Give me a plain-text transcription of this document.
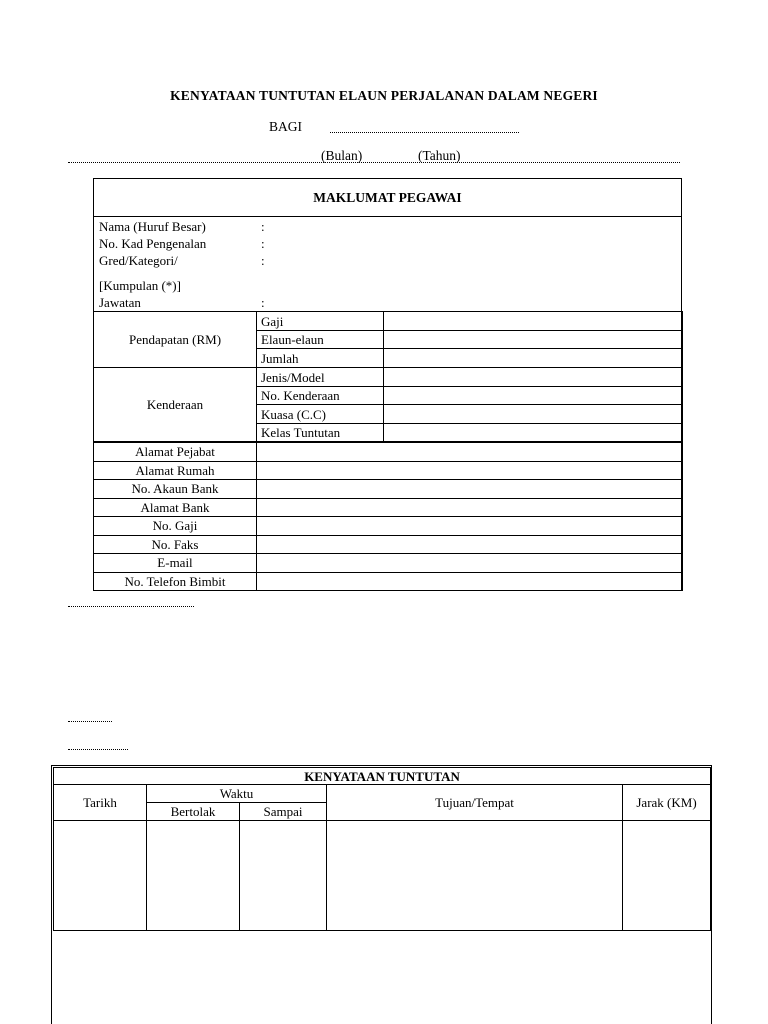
KENYATAAN TUNTUTAN ELAUN PERJALANAN DALAM NEGERI
BAGI
(Bulan)	(Tahun)
MAKLUMAT PEGAWAI
Nama (Huruf Besar)	:
No. Kad Pengenalan	:
Gred/Kategori/	:
[Kumpulan (*)]
Jawatan	:
Pendapatan (RM)	Gaji	
	Elaun-elaun	
	Jumlah	
Kenderaan	Jenis/Model	
	No. Kenderaan	
	Kuasa (C.C)	
	Kelas Tuntutan	
Alamat Pejabat	
Alamat Rumah	
No. Akaun Bank	
Alamat Bank	
No. Gaji	
No. Faks	
E-mail	
No. Telefon Bimbit	
KENYATAAN TUNTUTAN				
Tarikh	Waktu		Tujuan/Tempat	Jarak (KM)
	Bertolak	Sampai		
